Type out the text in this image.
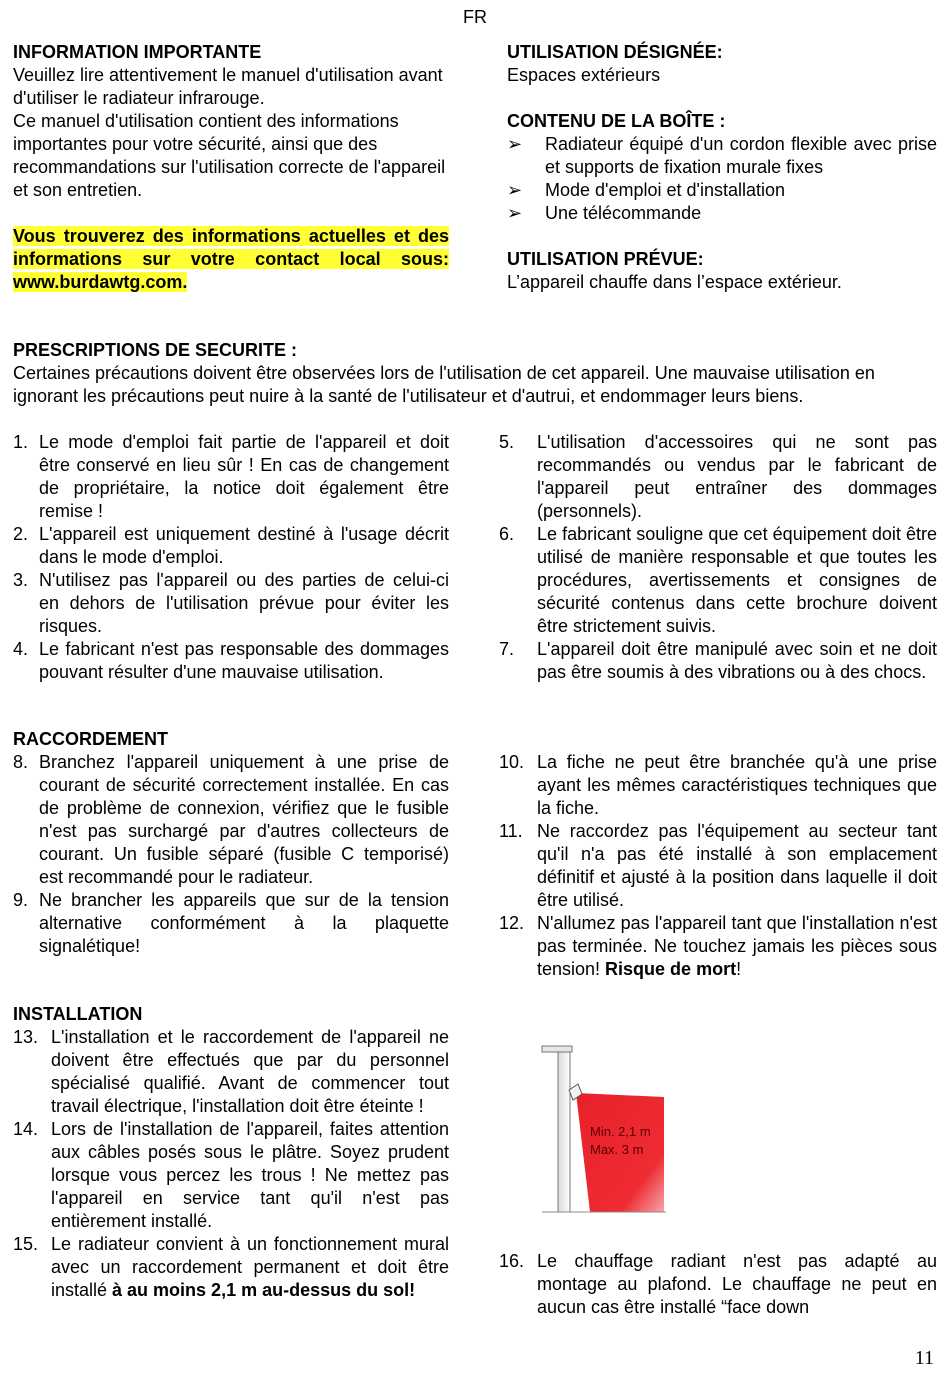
FR
INFORMATION IMPORTANTE
Veuillez lire attentivement le manuel d'utilisation avant d'utiliser le radiateur infrarouge.
Ce manuel d'utilisation contient des informations importantes pour votre sécurité, ainsi que des recommandations sur l'utilisation correcte de l'appareil et son entretien.
Vous trouverez des informations actuelles et des informations sur votre contact local sous: www.burdawtg.com.
UTILISATION DÉSIGNÉE:
Espaces extérieurs
CONTENU DE LA BOÎTE :
➢ Radiateur équipé d'un cordon flexible avec prise et supports de fixation murale fixes
➢ Mode d'emploi et d'installation
➢ Une télécommande
UTILISATION PRÉVUE:
L’appareil chauffe dans l’espace extérieur.
PRESCRIPTIONS DE SECURITE :
Certaines précautions doivent être observées lors de l'utilisation de cet appareil. Une mauvaise utilisation en ignorant les précautions peut nuire à la santé de l'utilisateur et d'autrui, et endommager leurs biens.
1. Le mode d'emploi fait partie de l'appareil et doit être conservé en lieu sûr ! En cas de changement de propriétaire, la notice doit également être remise !
2. L'appareil est uniquement destiné à l'usage décrit dans le mode d'emploi.
3. N'utilisez pas l'appareil ou des parties de celui-ci en dehors de l'utilisation prévue pour éviter les risques.
4. Le fabricant n'est pas responsable des dommages pouvant résulter d'une mauvaise utilisation.
5. L'utilisation d'accessoires qui ne sont pas recommandés ou vendus par le fabricant de l'appareil peut entraîner des dommages (personnels).
6. Le fabricant souligne que cet équipement doit être utilisé de manière responsable et que toutes les procédures, avertissements et consignes de sécurité contenus dans cette brochure doivent être strictement suivis.
7. L'appareil doit être manipulé avec soin et ne doit pas être soumis à des vibrations ou à des chocs.
RACCORDEMENT
8. Branchez l'appareil uniquement à une prise de courant de sécurité correctement installée. En cas de problème de connexion, vérifiez que le fusible n'est pas surchargé par d'autres collecteurs de courant. Un fusible séparé (fusible C temporisé) est recommandé pour le radiateur.
9. Ne brancher les appareils que sur de la tension alternative conformément à la plaquette signalétique!
10. La fiche ne peut être branchée qu'à une prise ayant les mêmes caractéristiques techniques que la fiche.
11. Ne raccordez pas l'équipement au secteur tant qu'il n'a pas été installé à son emplacement définitif et ajusté à la position dans laquelle il doit être utilisé.
12. N'allumez pas l'appareil tant que l'installation n'est pas terminée. Ne touchez jamais les pièces sous tension! Risque de mort!
INSTALLATION
13. L'installation et le raccordement de l'appareil ne doivent être effectués que par du personnel spécialisé qualifié. Avant de commencer tout travail électrique, l'installation doit être éteinte !
14. Lors de l'installation de l'appareil, faites attention aux câbles posés sous le plâtre. Soyez prudent lorsque vous percez les trous ! Ne mettez pas l'appareil en service tant qu'il n'est pas entièrement installé.
15. Le radiateur convient à un fonctionnement mural avec un raccordement permanent et doit être installé à au moins 2,1 m au-dessus du sol!
Min. 2,1 m
Max. 3 m
16. Le chauffage radiant n'est pas adapté au montage au plafond. Le chauffage ne peut en aucun cas être installé “face down
11
